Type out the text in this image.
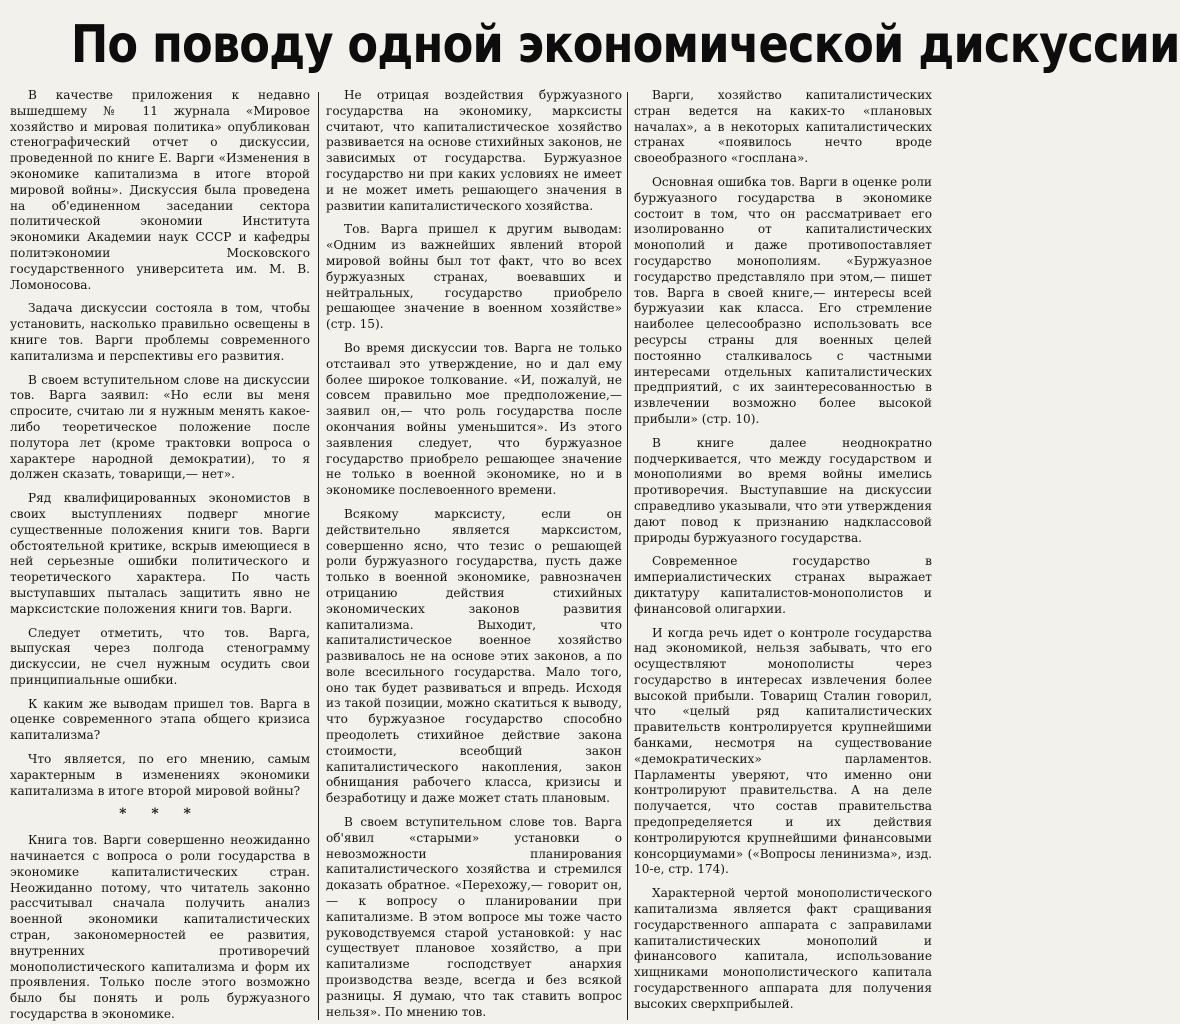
По поводу одной экономической дискуссии

В качестве приложения к недавно вышедшему № 11 журнала «Мировое хозяйство и мировая политика» опубликован стенографический отчет о дискуссии, проведенной по книге Е. Варги «Изменения в экономике капитализма в итоге второй мировой войны». Дискуссия была проведена на об'единенном заседании сектора политической экономии Института экономики Академии наук СССР и кафедры политэкономии Московского государственного университета им. М. В. Ломоносова.

Задача дискуссии состояла в том, чтобы установить, насколько правильно освещены в книге тов. Варги проблемы современного капитализма и перспективы его развития.

В своем вступительном слове на дискуссии тов. Варга заявил: «Но если вы меня спросите, считаю ли я нужным менять какое-либо теоретическое положение после полутора лет (кроме трактовки вопроса о характере народной демократии), то я должен сказать, товарищи,— нет».

Ряд квалифицированных экономистов в своих выступлениях подверг многие существенные положения книги тов. Варги обстоятельной критике, вскрыв имеющиеся в ней серьезные ошибки политического и теоретического характера. По часть выступавших пыталась защитить явно не марксистские положения книги тов. Варги.

Следует отметить, что тов. Варга, выпуская через полгода стенограмму дискуссии, не счел нужным осудить свои принципиальные ошибки.

К каким же выводам пришел тов. Варга в оценке современного этапа общего кризиса капитализма?

Что является, по его мнению, самым характерным в изменениях экономики капитализма в итоге второй мировой войны?

* * *

Книга тов. Варги совершенно неожиданно начинается с вопроса о роли государства в экономике капиталистических стран. Неожиданно потому, что читатель законно рассчитывал сначала получить анализ военной экономики капиталистических стран, закономерностей ее развития, внутренних противоречий монополистического капитализма и форм их проявления. Только после этого возможно было бы понять и роль буржуазного государства в экономике.

Не отрицая воздействия буржуазного государства на экономику, марксисты считают, что капиталистическое хозяйство развивается на основе стихийных законов, не зависимых от государства. Буржуазное государство ни при каких условиях не имеет и не может иметь решающего значения в развитии капиталистического хозяйства.

Тов. Варга пришел к другим выводам: «Одним из важнейших явлений второй мировой войны был тот факт, что во всех буржуазных странах, воевавших и нейтральных, государство приобрело решающее значение в военном хозяйстве» (стр. 15).

Во время дискуссии тов. Варга не только отстаивал это утверждение, но и дал ему более широкое толкование. «И, пожалуй, не совсем правильно мое предположение,— заявил он,— что роль государства после окончания войны уменьшится». Из этого заявления следует, что буржуазное государство приобрело решающее значение не только в военной экономике, но и в экономике послевоенного времени.

Всякому марксисту, если он действительно является марксистом, совершенно ясно, что тезис о решающей роли буржуазного государства, пусть даже только в военной экономике, равнозначен отрицанию действия стихийных экономических законов развития капитализма. Выходит, что капиталистическое военное хозяйство развивалось не на основе этих законов, а по воле всесильного государства. Мало того, оно так будет развиваться и впредь. Исходя из такой позиции, можно скатиться к выводу, что буржуазное государство способно преодолеть стихийное действие закона стоимости, всеобщий закон капиталистического накопления, закон обнищания рабочего класса, кризисы и безработицу и даже может стать плановым.

В своем вступительном слове тов. Варга об'явил «старыми» установки о невозможности планирования капиталистического хозяйства и стремился доказать обратное. «Перехожу,— говорит он,— к вопросу о планировании при капитализме. В этом вопросе мы тоже часто руководствуемся старой установкой: у нас существует плановое хозяйство, а при капитализме господствует анархия производства везде, всегда и без всякой разницы. Я думаю, что так ставить вопрос нельзя». По мнению тов.

Варги, хозяйство капиталистических стран ведется на каких-то «плановых началах», а в некоторых капиталистических странах «появилось нечто вроде своеобразного «госплана».

Основная ошибка тов. Варги в оценке роли буржуазного государства в экономике состоит в том, что он рассматривает его изолированно от капиталистических монополий и даже противопоставляет государство монополиям. «Буржуазное государство представляло при этом,— пишет тов. Варга в своей книге,— интересы всей буржуазии как класса. Его стремление наиболее целесообразно использовать все ресурсы страны для военных целей постоянно сталкивалось с частными интересами отдельных капиталистических предприятий, с их заинтересованностью в извлечении возможно более высокой прибыли» (стр. 10).

В книге далее неоднократно подчеркивается, что между государством и монополиями во время войны имелись противоречия. Выступавшие на дискуссии справедливо указывали, что эти утверждения дают повод к признанию надклассовой природы буржуазного государства.

Современное государство в империалистических странах выражает диктатуру капиталистов-монополистов и финансовой олигархии.

И когда речь идет о контроле государства над экономикой, нельзя забывать, что его осуществляют монополисты через государство в интересах извлечения более высокой прибыли. Товарищ Сталин говорил, что «целый ряд капиталистических правительств контролируется крупнейшими банками, несмотря на существование «демократических» парламентов. Парламенты уверяют, что именно они контролируют правительства. А на деле получается, что состав правительства предопределяется и их действия контролируются крупнейшими финансовыми консорциумами» («Вопросы ленинизма», изд. 10-е, стр. 174).

Характерной чертой монополистического капитализма является факт сращивания государственного аппарата с заправилами капиталистических монополий и финансового капитала, использование хищниками монополистического капитала государственного аппарата для получения высоких сверхприбылей.
